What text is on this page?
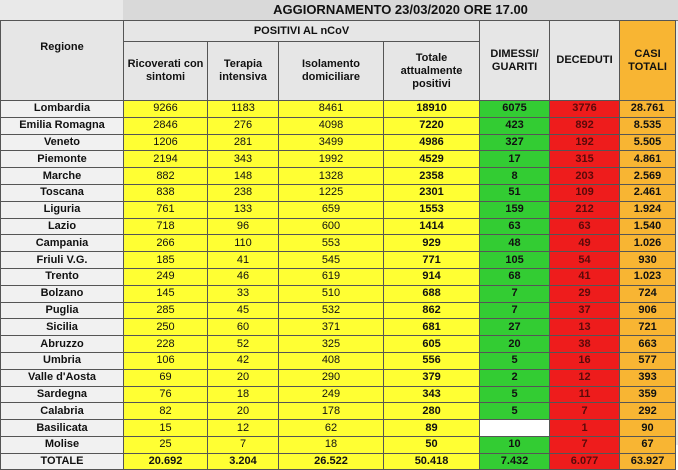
AGGIORNAMENTO 23/03/2020 ORE 17.00
Regione	POSITIVI AL nCoV				DIMESSI/ GUARITI	DECEDUTI	CASI TOTALI
	Ricoverati con sintomi	Terapia intensiva	Isolamento domiciliare	Totale attualmente positivi			
Lombardia	9266	1183	8461	18910	6075	3776	28.761
Emilia Romagna	2846	276	4098	7220	423	892	8.535
Veneto	1206	281	3499	4986	327	192	5.505
Piemonte	2194	343	1992	4529	17	315	4.861
Marche	882	148	1328	2358	8	203	2.569
Toscana	838	238	1225	2301	51	109	2.461
Liguria	761	133	659	1553	159	212	1.924
Lazio	718	96	600	1414	63	63	1.540
Campania	266	110	553	929	48	49	1.026
Friuli V.G.	185	41	545	771	105	54	930
Trento	249	46	619	914	68	41	1.023
Bolzano	145	33	510	688	7	29	724
Puglia	285	45	532	862	7	37	906
Sicilia	250	60	371	681	27	13	721
Abruzzo	228	52	325	605	20	38	663
Umbria	106	42	408	556	5	16	577
Valle d'Aosta	69	20	290	379	2	12	393
Sardegna	76	18	249	343	5	11	359
Calabria	82	20	178	280	5	7	292
Basilicata	15	12	62	89		1	90
Molise	25	7	18	50	10	7	67
TOTALE	20.692	3.204	26.522	50.418	7.432	6.077	63.927
